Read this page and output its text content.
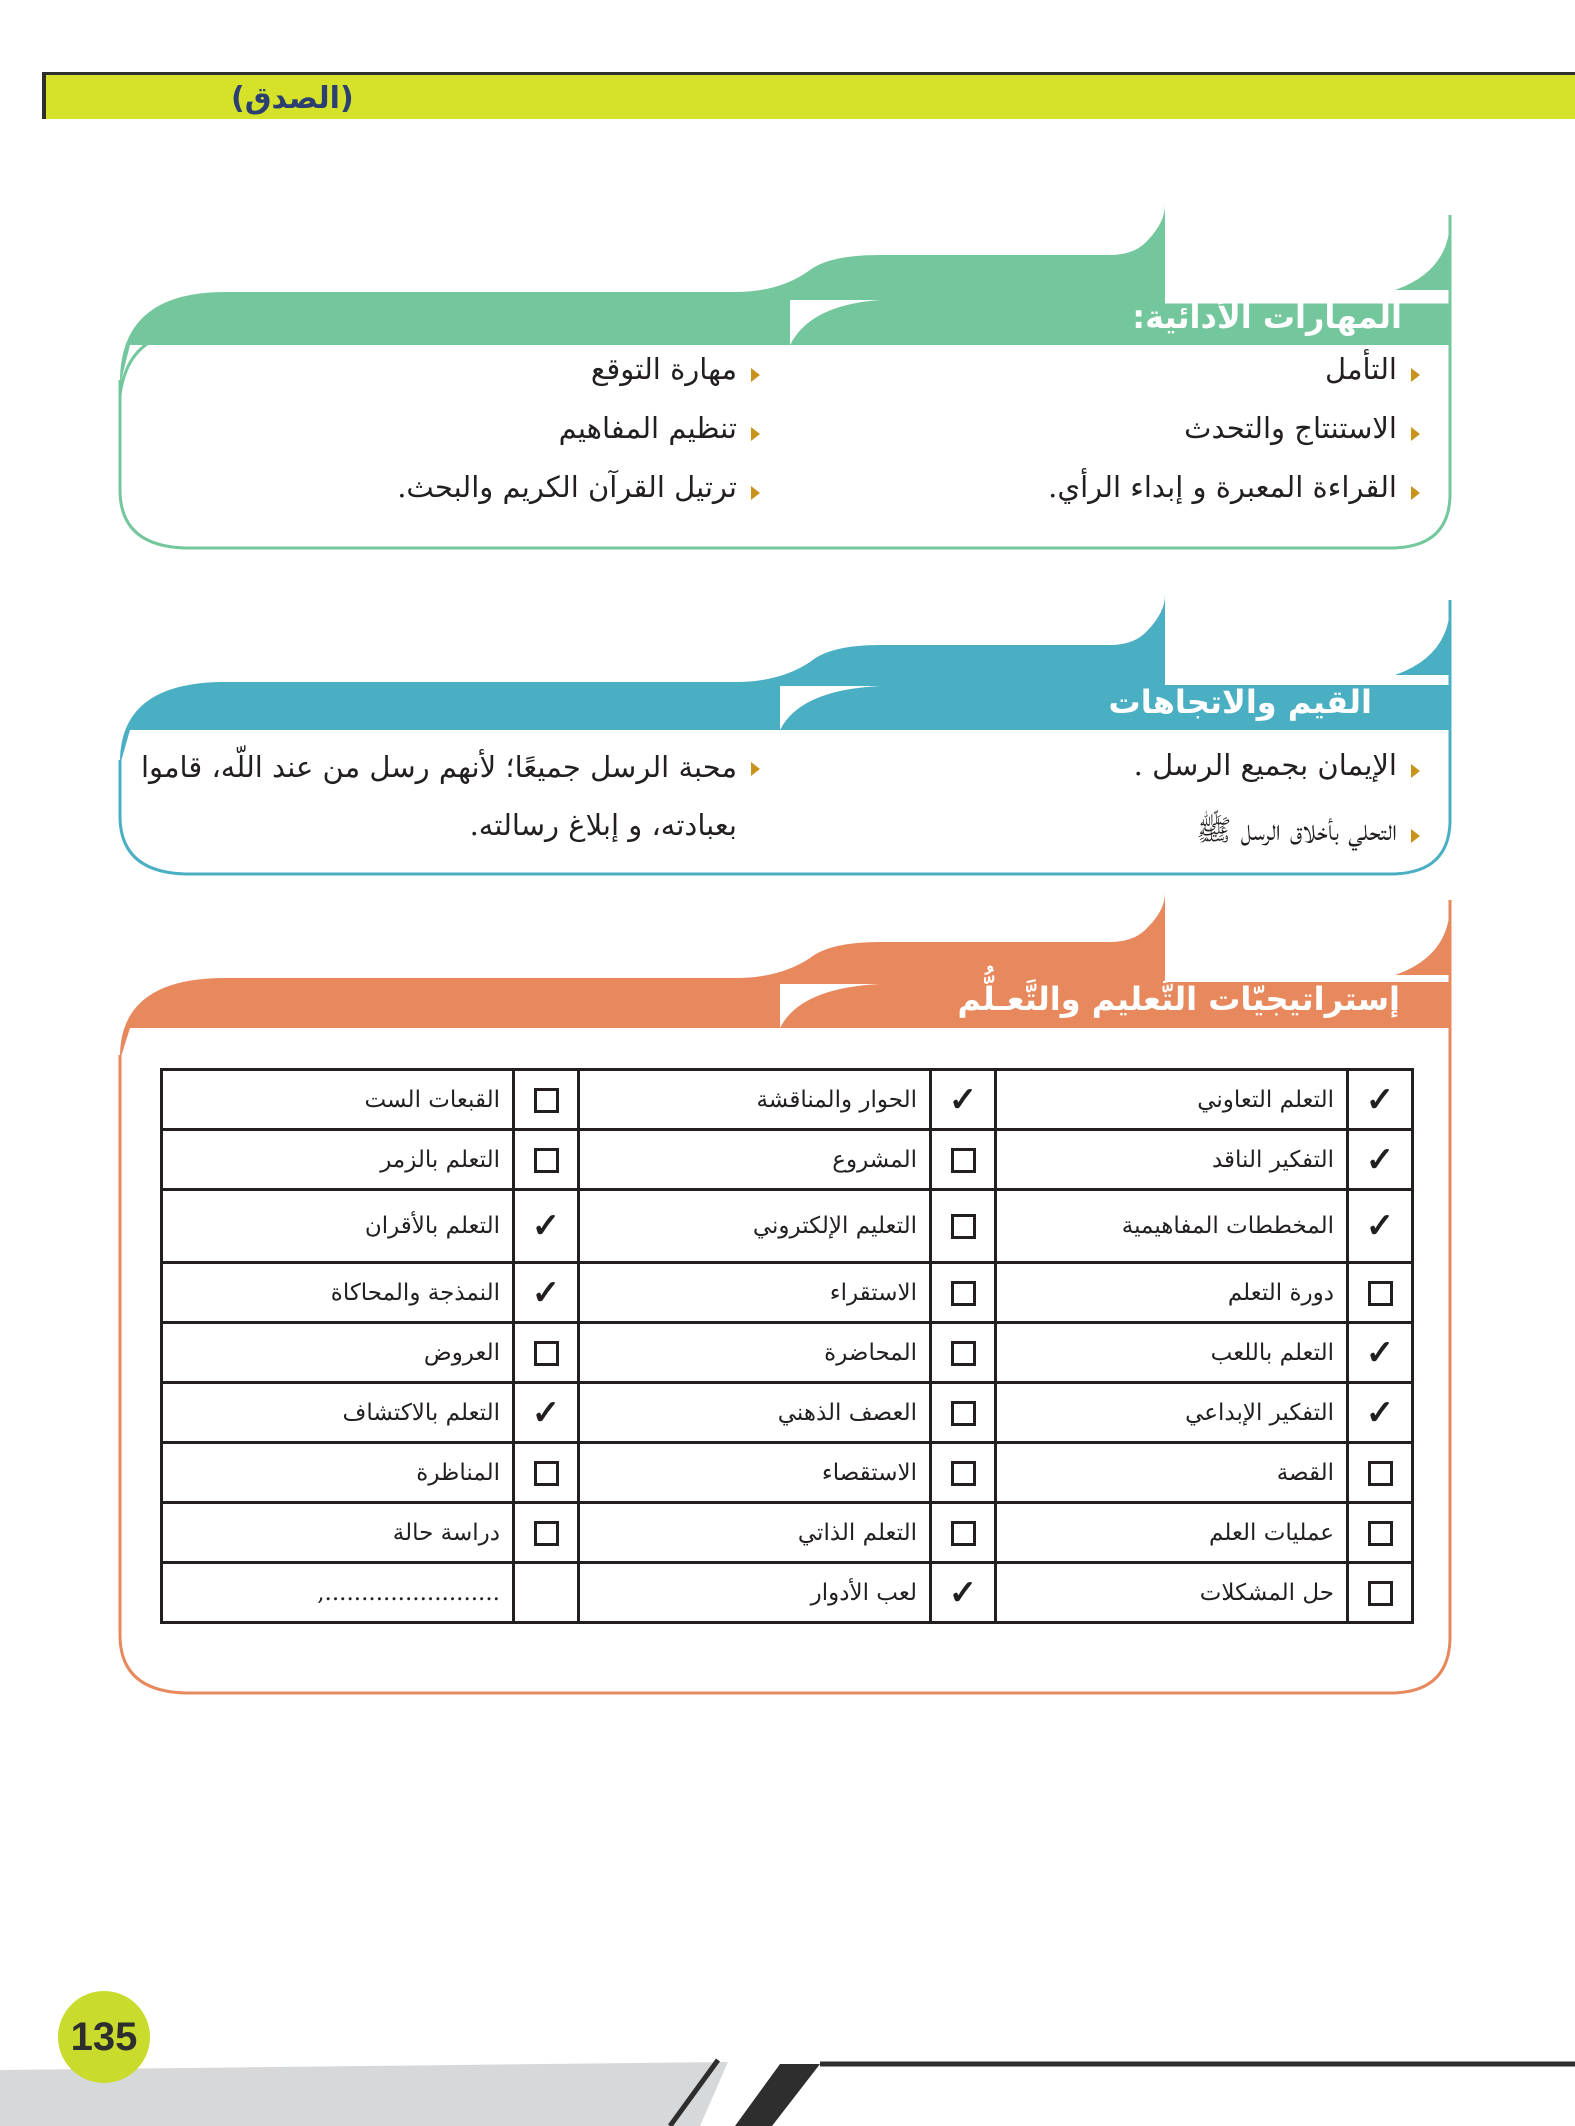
(الصدق)
المهارات الأدائية:
التأمل
الاستنتاج والتحدث
القراءة المعبرة و إبداء الرأي.
مهارة التوقع
تنظيم المفاهيم
ترتيل القرآن الكريم والبحث.
القيم والاتجاهات
الإيمان بجميع الرسل .
التحلي بأخلاق الرسل ﷺ
محبة الرسل جميعًا؛ لأنهم رسل من عند اللّه، قاموا بعبادته، و إبلاغ رسالته.
إستراتيجيّات التَّعليم والتَّعـلُّم
✓	التعلم التعاوني	✓	الحوار والمناقشة		القبعات الست
✓	التفكير الناقد		المشروع		التعلم بالزمر
✓	المخططات المفاهيمية		التعليم الإلكتروني	✓	التعلم بالأقران
	دورة التعلم		الاستقراء	✓	النمذجة والمحاكاة
✓	التعلم باللعب		المحاضرة		العروض
✓	التفكير الإبداعي		العصف الذهني	✓	التعلم بالاكتشاف
	القصة		الاستقصاء		المناظرة
	عمليات العلم		التعلم الذاتي		دراسة حالة
	حل المشكلات	✓	لعب الأدوار		........................,
135
